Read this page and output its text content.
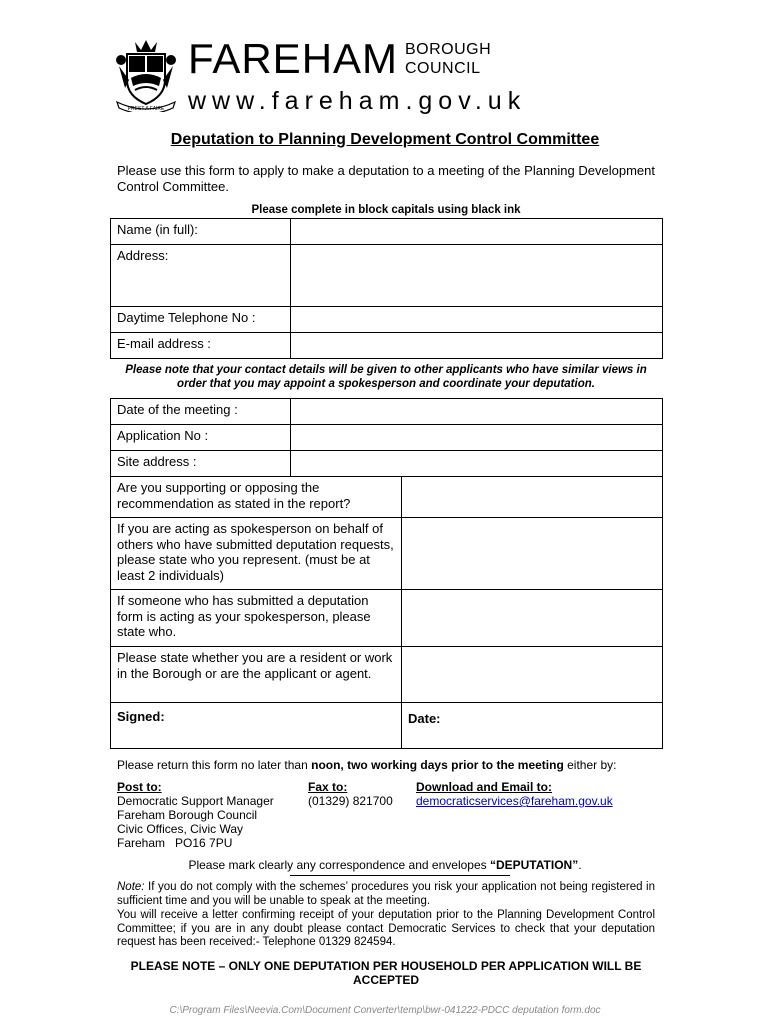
PREST A FAIRE
FAREHAM BOROUGH
COUNCIL
www.fareham.gov.uk
Deputation to Planning Development Control Committee
Please use this form to apply to make a deputation to a meeting of the Planning Development Control Committee.
Please complete in block capitals using black ink
Name (in full):	
Address:	
Daytime Telephone No :	
E-mail address :	
Please note that your contact details will be given to other applicants who have similar views in order that you may appoint a spokesperson and coordinate your deputation.
Date of the meeting :	
Application No :	
Site address :	
Are you supporting or opposing the recommendation as stated in the report?	
If you are acting as spokesperson on behalf of others who have submitted deputation requests, please state who you represent. (must be at least 2 individuals)	
If someone who has submitted a deputation form is acting as your spokesperson, please state who.	
Please state whether you are a resident or work in the Borough or are the applicant or agent.	
Signed:	Date:
Please return this form no later than noon, two working days prior to the meeting either by:
Post to:
Democratic Support Manager
Fareham Borough Council
Civic Offices, Civic Way
Fareham   PO16 7PU
Fax to:
(01329) 821700
Download and Email to:
democraticservices@fareham.gov.uk
Please mark clearly any correspondence and envelopes “DEPUTATION”.
Note: If you do not comply with the schemes’ procedures you risk your application not being registered in sufficient time and you will be unable to speak at the meeting.
You will receive a letter confirming receipt of your deputation prior to the Planning Development Control Committee; if you are in any doubt please contact Democratic Services to check that your deputation request has been received:- Telephone 01329 824594.
PLEASE NOTE – ONLY ONE DEPUTATION PER HOUSEHOLD PER APPLICATION WILL BE ACCEPTED
C:\Program Files\Neevia.Com\Document Converter\temp\bwr-041222-PDCC deputation form.doc
